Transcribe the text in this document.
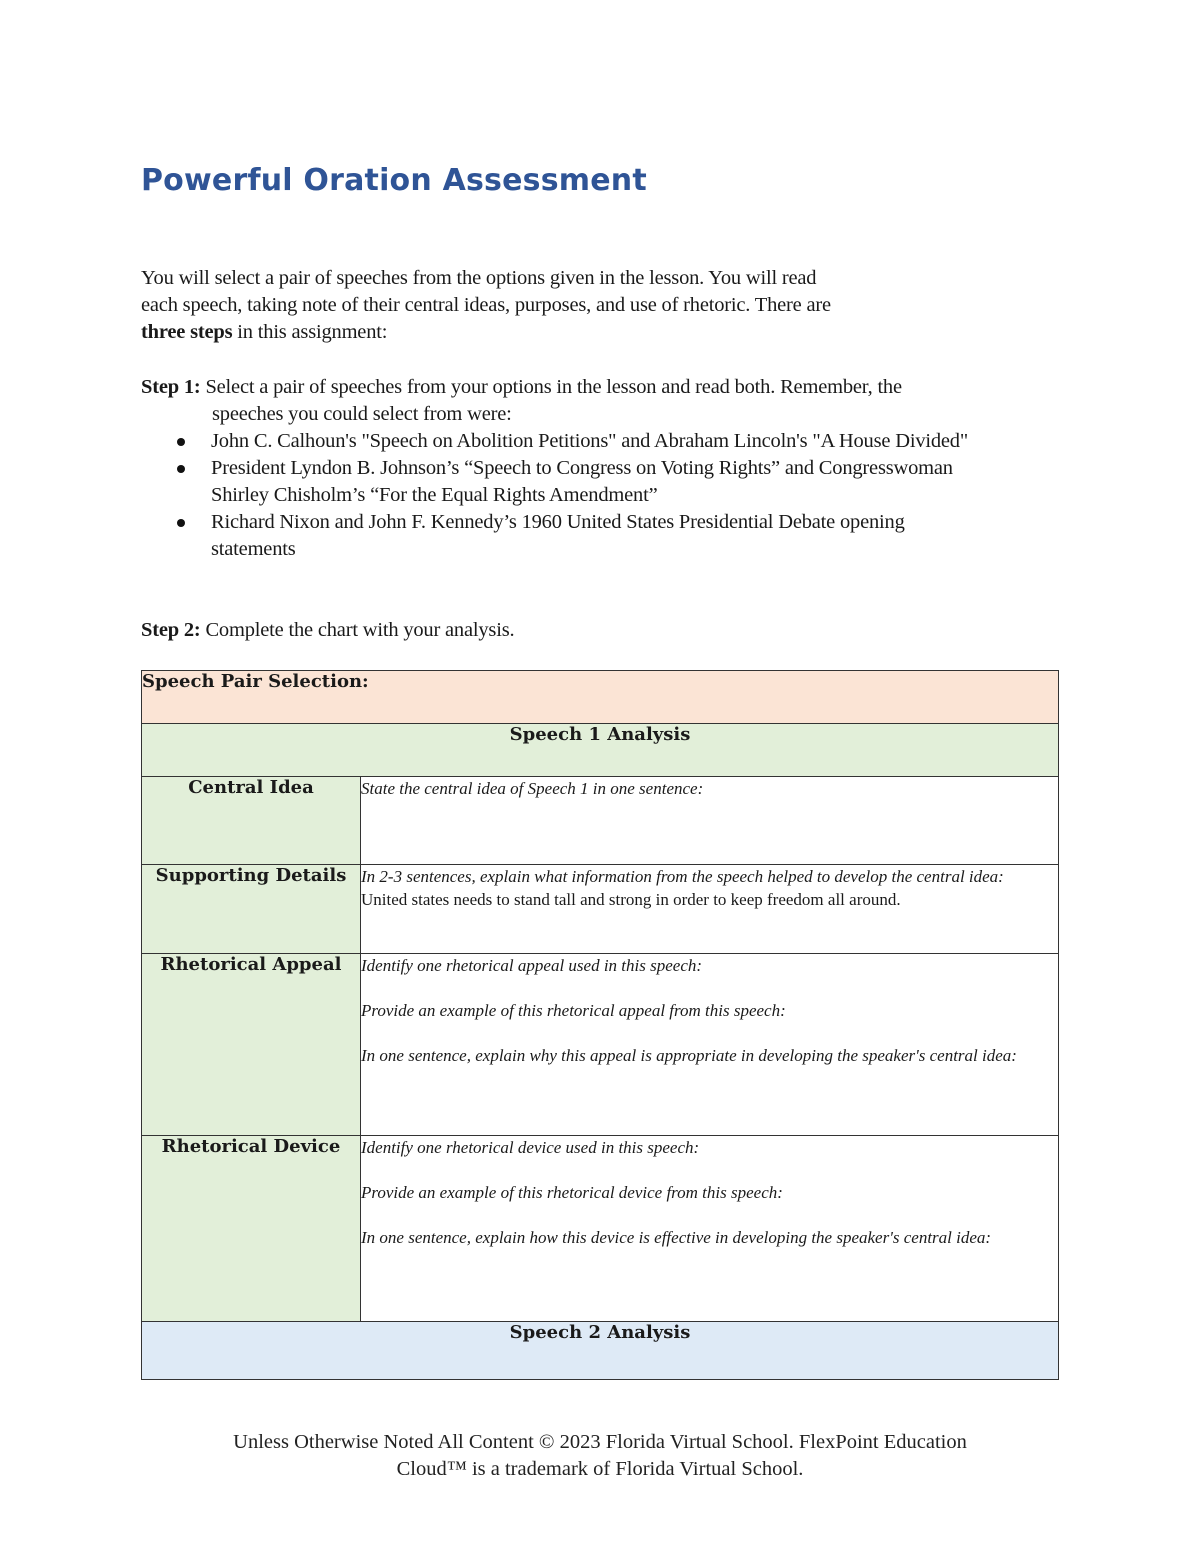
Powerful Oration Assessment
You will select a pair of speeches from the options given in the lesson. You will read
each speech, taking note of their central ideas, purposes, and use of rhetoric. There are
three steps in this assignment:
Step 1: Select a pair of speeches from your options in the lesson and read both. Remember, the
speeches you could select from were:
John C. Calhoun's "Speech on Abolition Petitions" and Abraham Lincoln's "A House Divided"
President Lyndon B. Johnson’s “Speech to Congress on Voting Rights” and Congresswoman Shirley Chisholm’s “For the Equal Rights Amendment”
Richard Nixon and John F. Kennedy’s 1960 United States Presidential Debate opening statements
Step 2: Complete the chart with your analysis.
Speech Pair Selection:	
Speech 1 Analysis	
Central Idea	State the central idea of Speech 1 in one sentence:

Supporting Details	In 2-3 sentences, explain what information from the speech helped to develop the central idea:
United states needs to stand tall and strong in order to keep freedom all around.

Rhetorical Appeal	Identify one rhetorical appeal used in this speech:
Provide an example of this rhetorical appeal from this speech:
In one sentence, explain why this appeal is appropriate in developing the speaker's central idea:

Rhetorical Device	Identify one rhetorical device used in this speech:
Provide an example of this rhetorical device from this speech:
In one sentence, explain how this device is effective in developing the speaker's central idea:

Speech 2 Analysis	
Unless Otherwise Noted All Content © 2023 Florida Virtual School. FlexPoint Education
Cloud™ is a trademark of Florida Virtual School.
